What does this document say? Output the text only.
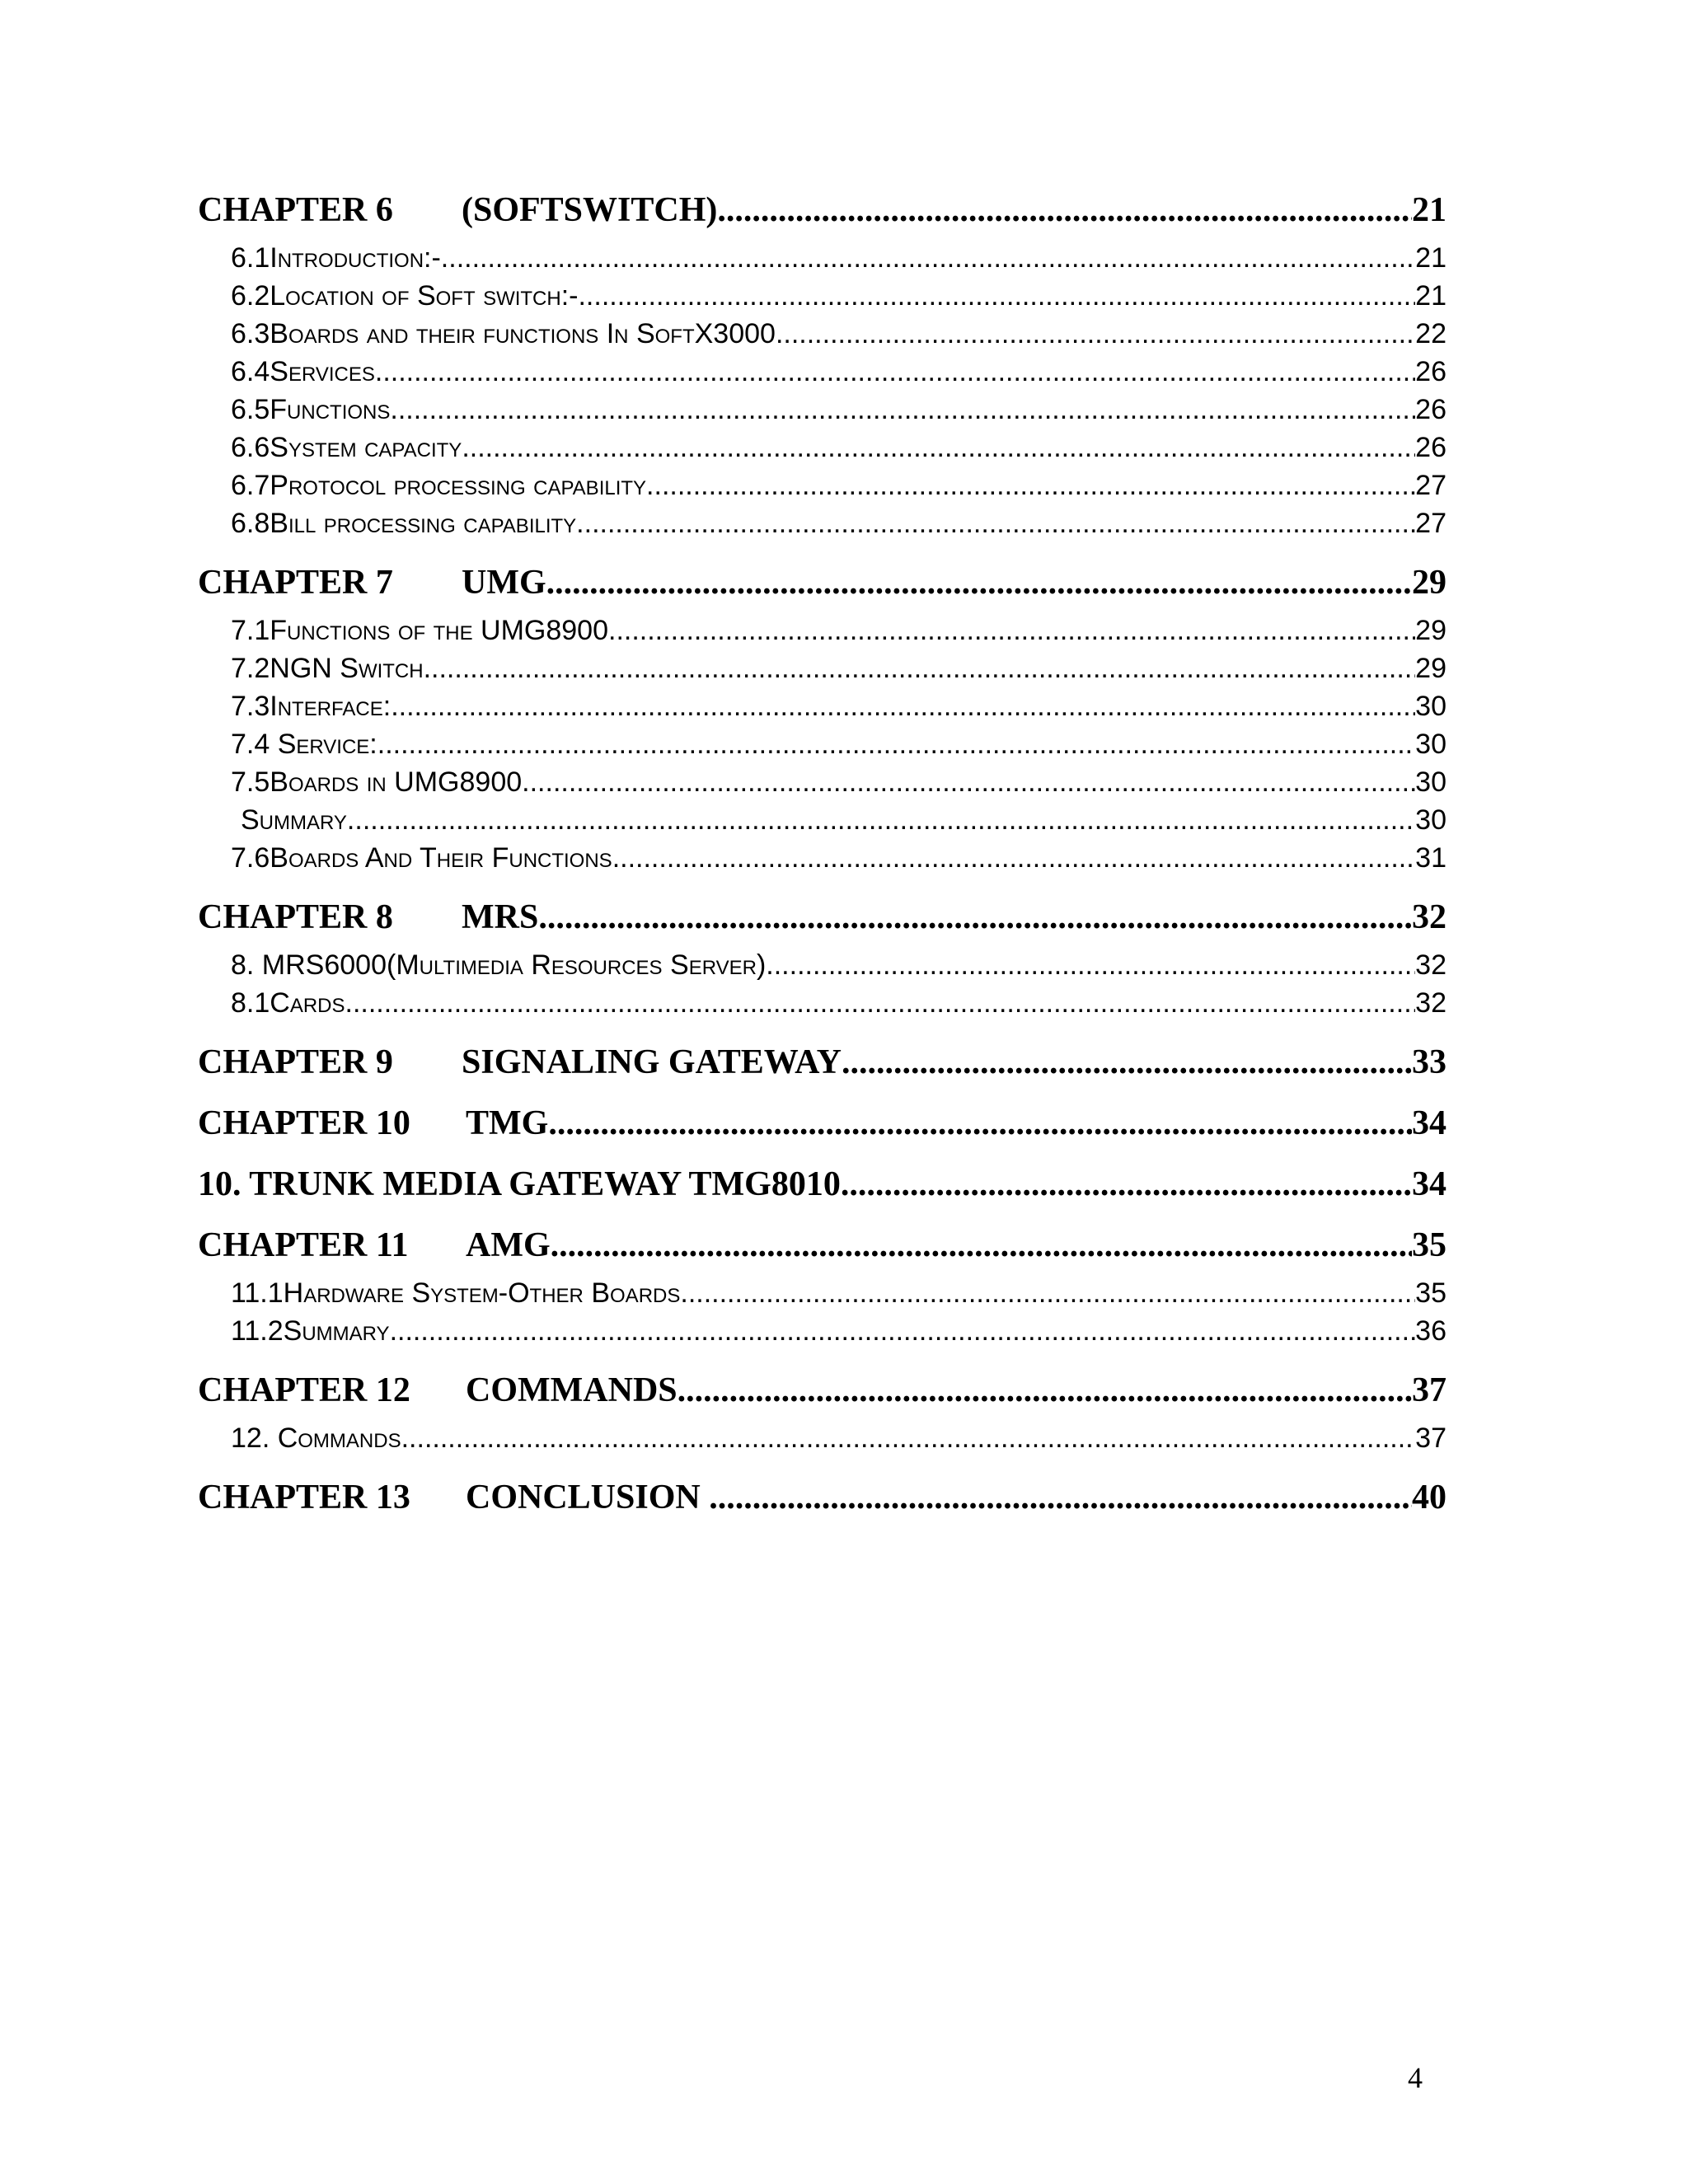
CHAPTER 6 (SOFTSWITCH) .....	21
6.1 Introduction:- .....	21
6.2 Location of Soft switch:- .....	21
6.3 Boards and their functions In SoftX3000 .....	22
6.4 Services .....	26
6.5 Functions .....	26
6.6 System capacity .....	26
6.7 Protocol processing capability .....	27
6.8 Bill processing capability .....	27
CHAPTER 7 UMG .....	29
7.1 Functions of the UMG8900 .....	29
7.2 NGN Switch .....	29
7.3 Interface: .....	30
7.4 Service: .....	30
7.5 Boards in UMG8900 .....	30
Summary .....	30
7.6 Boards And Their Functions .....	31
CHAPTER 8 MRS .....	32
8. MRS6000(Multimedia Resources Server) .....	32
8.1 Cards .....	32
CHAPTER 9 SIGNALING GATEWAY .....	33
CHAPTER 10 TMG .....	34
10. TRUNK MEDIA GATEWAY TMG8010 .....	34
CHAPTER 11 AMG .....	35
11.1 Hardware System-Other Boards .....	35
11.2 Summary .....	36
CHAPTER 12 COMMANDS .....	37
12. Commands .....	37
CHAPTER 13 CONCLUSION .....	40
4
